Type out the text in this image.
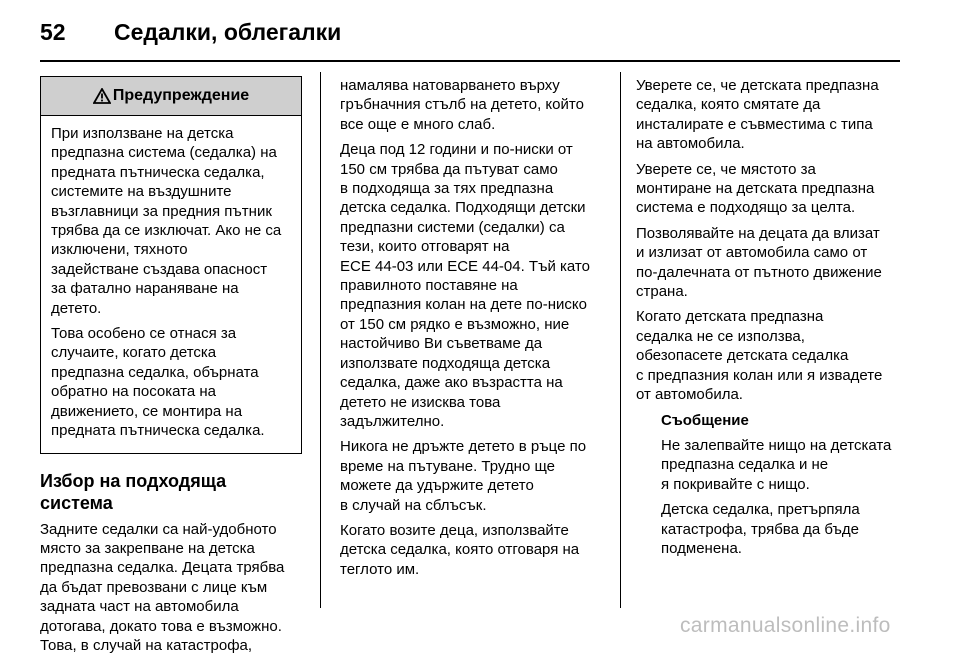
52	Седалки, облегалки
Предупреждение

При използване на детска
предпазна система (седалка) на
предната пътническа седалка,
системите на въздушните
възглавници за предния пътник
трябва да се изключат. Ако не са
изключени, тяхното
задействане създава опасност
за фатално нараняване на
детето.

Това особено се отнася за
случаите, когато детска
предпазна седалка, обърната
обратно на посоката на
движението, се монтира на
предната пътническа седалка.

Избор на подходяща система

Задните седалки са най-удобното
място за закрепване на детска
предпазна седалка. Децата трябва
да бъдат превозвани с лице към
задната част на автомобила
дотогава, докато това е възможно.
Това, в случай на катастрофа,

намалява натоварването върху
гръбначния стълб на детето, който
все още е много слаб.

Деца под 12 години и по-ниски от
150 см трябва да пътуват само
в подходяща за тях предпазна
детска седалка. Подходящи детски
предпазни системи (седалки) са
тези, които отговарят на
ECE 44-03 или ECE 44-04. Тъй като
правилното поставяне на
предпазния колан на дете по-ниско
от 150 см рядко е възможно, ние
настойчиво Ви съветваме да
използвате подходяща детска
седалка, даже ако възрастта на
детето не изисква това
задължително.

Никога не дръжте детето в ръце по
време на пътуване. Трудно ще
можете да удържите детето
в случай на сблъсък.

Когато возите деца, използвайте
детска седалка, която отговаря на
теглото им.

Уверете се, че детската предпазна
седалка, която смятате да
инсталирате е съвместима с типа
на автомобила.

Уверете се, че мястото за
монтиране на детската предпазна
система е подходящо за целта.

Позволявайте на децата да влизат
и излизат от автомобила само от
по-далечната от пътното движение
страна.

Когато детската предпазна
седалка не се използва,
обезопасете детската седалка
с предпазния колан или я извадете
от автомобила.

Съобщение

Не залепвайте нищо на детската
предпазна седалка и не
я покривайте с нищо.

Детска седалка, претърпяла
катастрофа, трябва да бъде
подменена.

carmanualsonline.info
